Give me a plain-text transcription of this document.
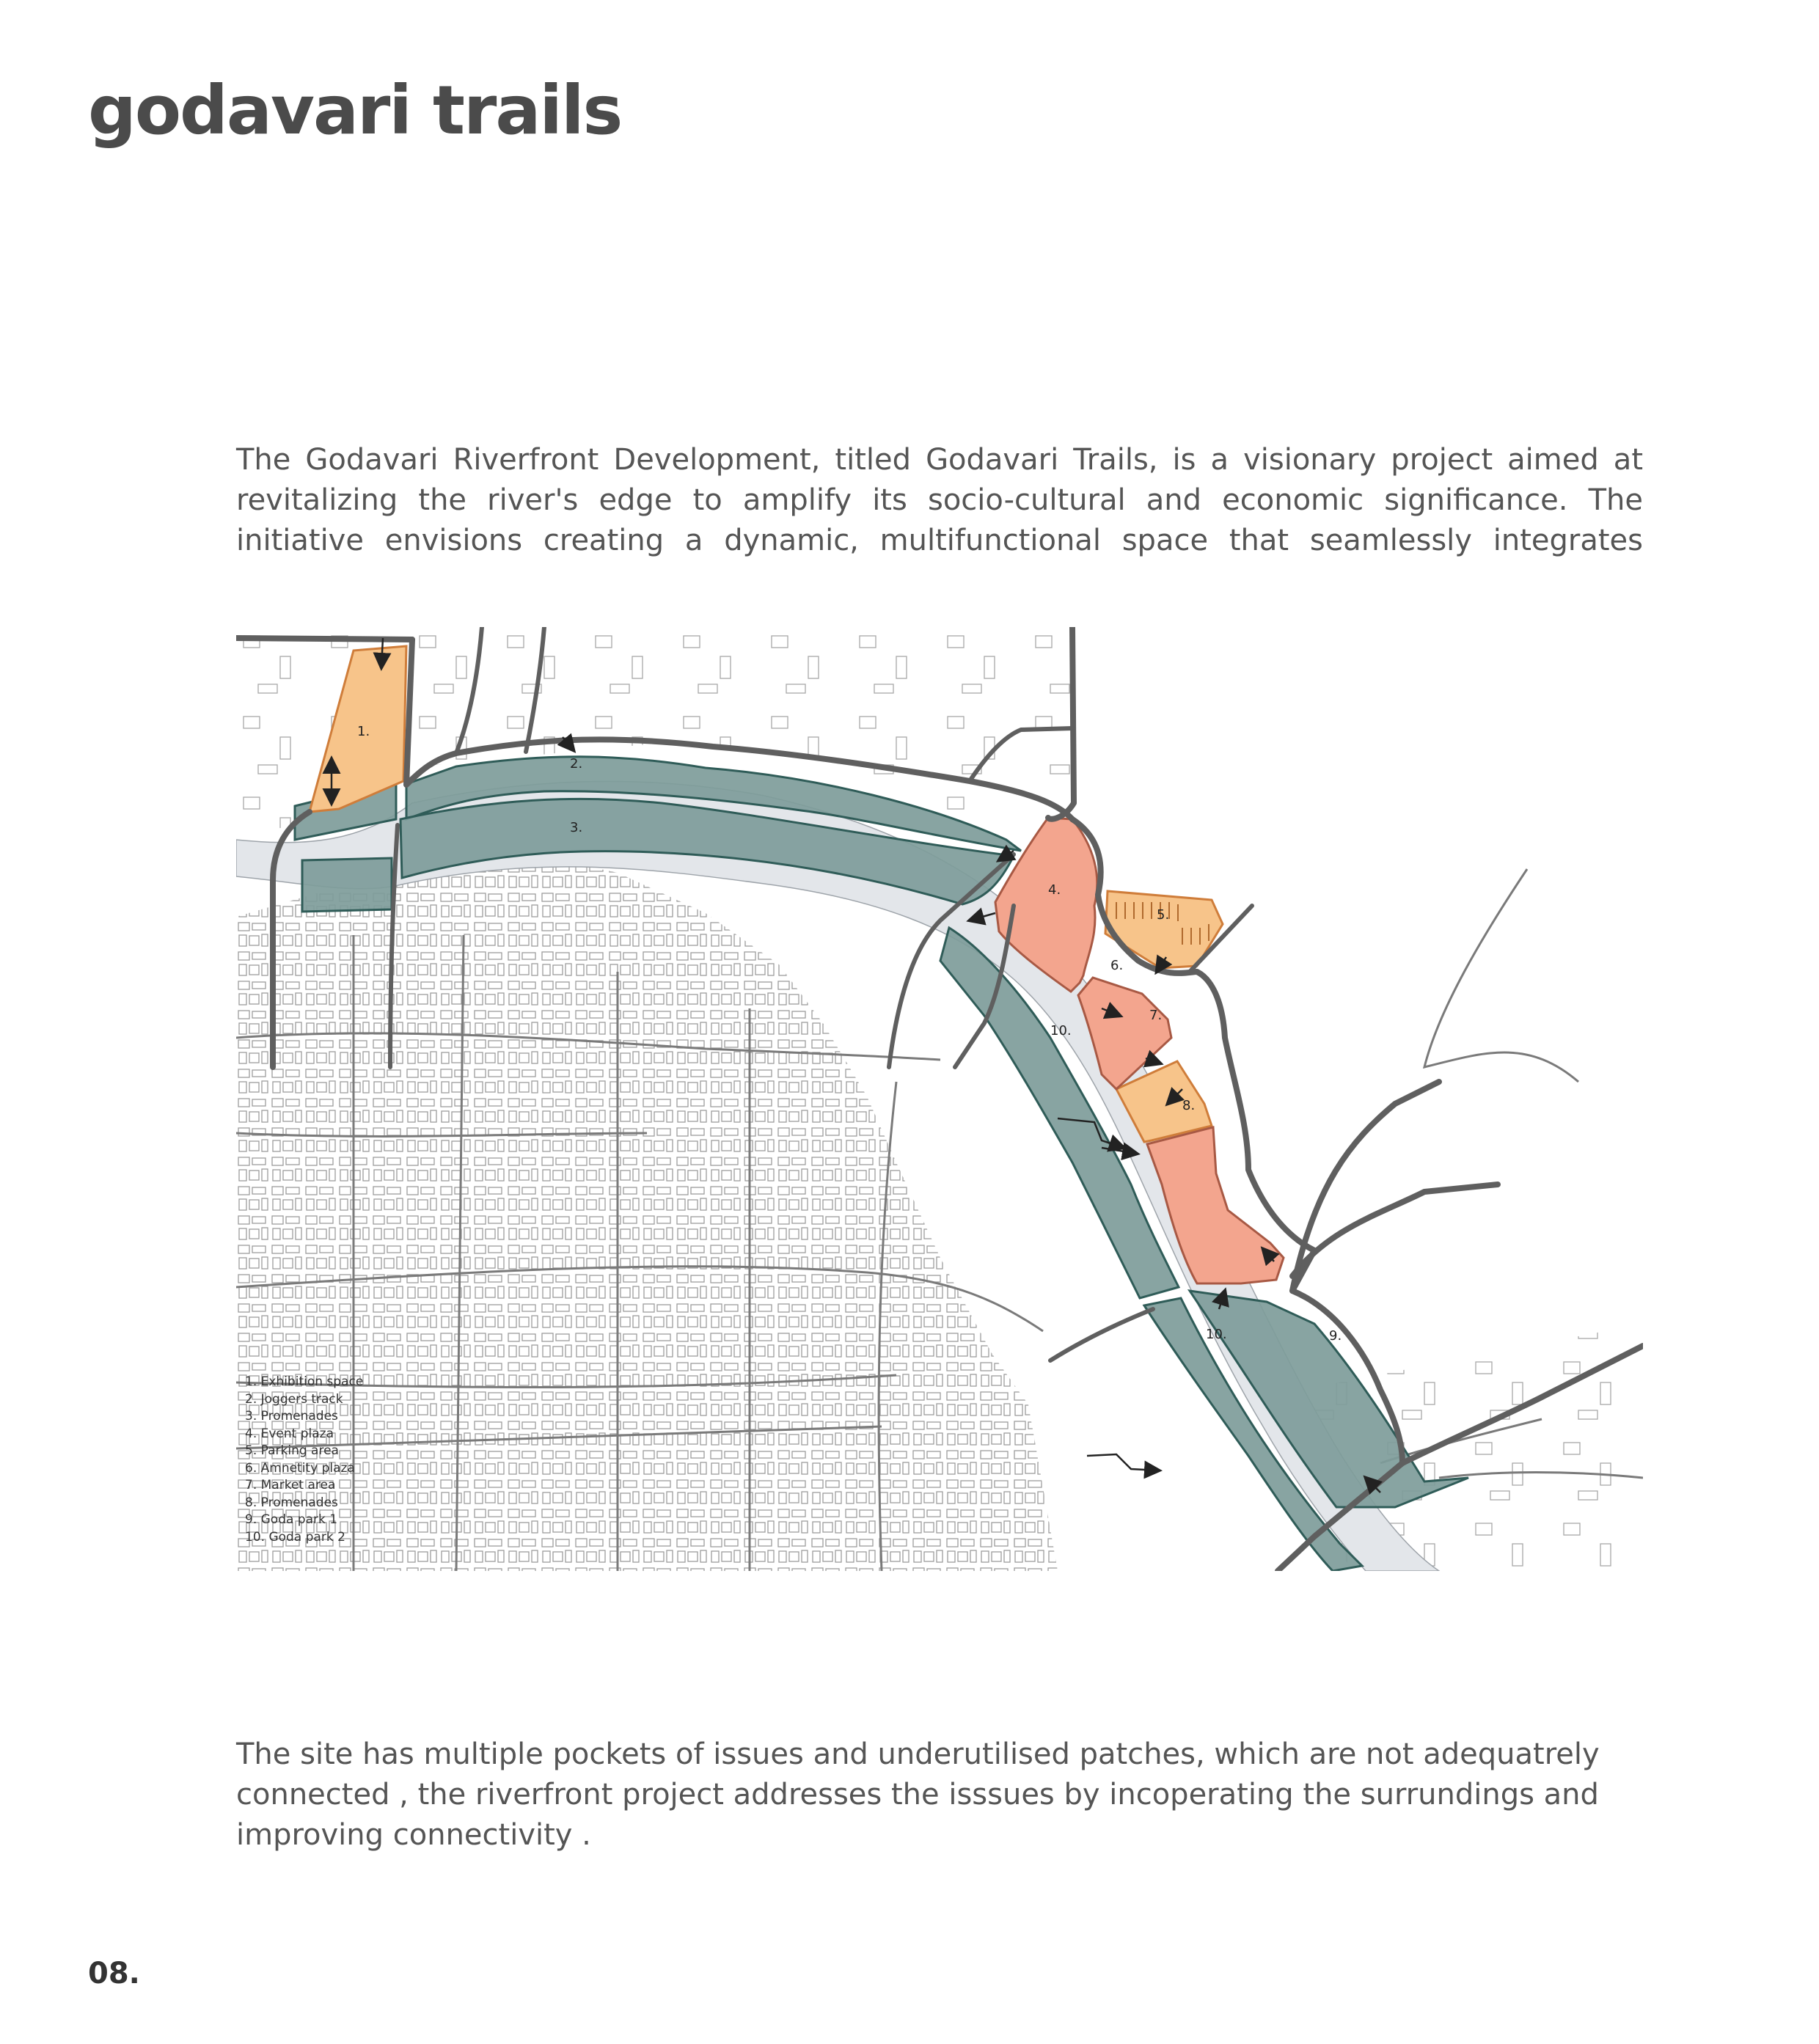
godavari trails

The Godavari Riverfront Development, titled Godavari Trails, is a visionary project aimed at revitalizing the river's edge to amplify its socio-cultural and economic significance. The initiative envisions creating a dynamic, multifunctional space that seamlessly integrates

1.
2.
3.
4.
5.
6.
7.
8.
9.
10.
10.
1. Exhibition space
2. Joggers track
3. Promenades
4. Event plaza
5. Parking area
6. Amnetity plaza
7. Market area
8. Promenades
9. Goda park 1
10. Goda park 2

The site has multiple pockets of issues and underutilised patches, which are not adequatrely connected , the riverfront project addresses the isssues by incoperating the surrundings and improving connectivity .

08.
